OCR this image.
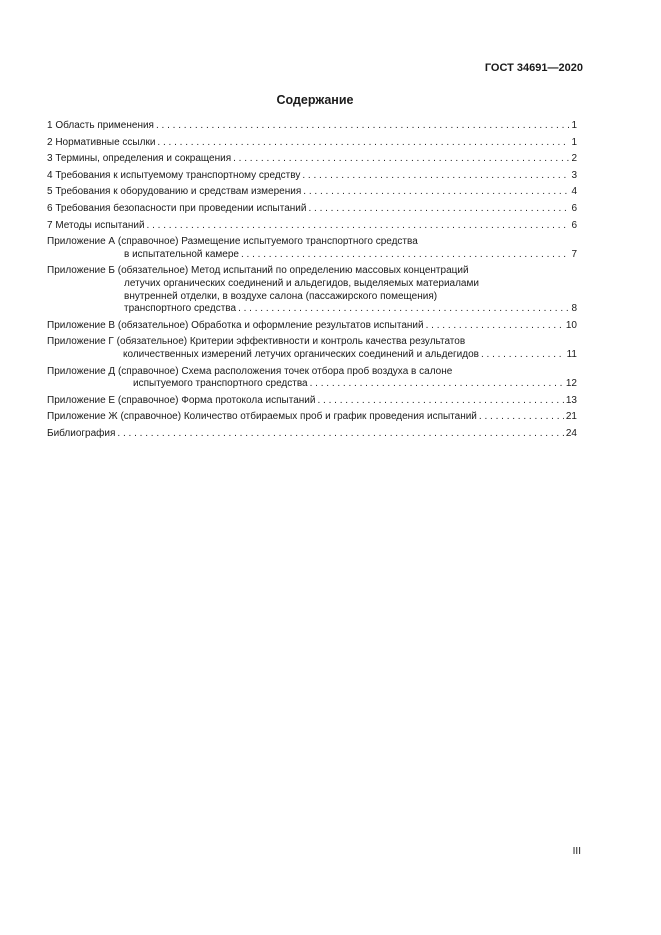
ГОСТ 34691—2020
Содержание
1 Область применения . . .	1
2 Нормативные ссылки . . .	1
3 Термины, определения и сокращения . . .	2
4 Требования к испытуемому транспортному средству . . .	3
5 Требования к оборудованию и средствам измерения . . .	4
6 Требования безопасности при проведении испытаний . . .	6
7 Методы испытаний . . .	6
Приложение А (справочное) Размещение испытуемого транспортного средства
в испытательной камере . . .	7
Приложение Б (обязательное) Метод испытаний по определению массовых концентраций
летучих органических соединений и альдегидов, выделяемых материалами
внутренней отделки, в воздухе салона (пассажирского помещения)
транспортного средства . . .	8
Приложение В (обязательное) Обработка и оформление результатов испытаний . . .	10
Приложение Г (обязательное) Критерии эффективности и контроль качества результатов
количественных измерений летучих органических соединений и альдегидов . . .	11
Приложение Д (справочное) Схема расположения точек отбора проб воздуха в салоне
испытуемого транспортного средства . . .	12
Приложение Е (справочное) Форма протокола испытаний . . .	13
Приложение Ж (справочное) Количество отбираемых проб и график проведения испытаний . . .	21
Библиография . . .	24
III
